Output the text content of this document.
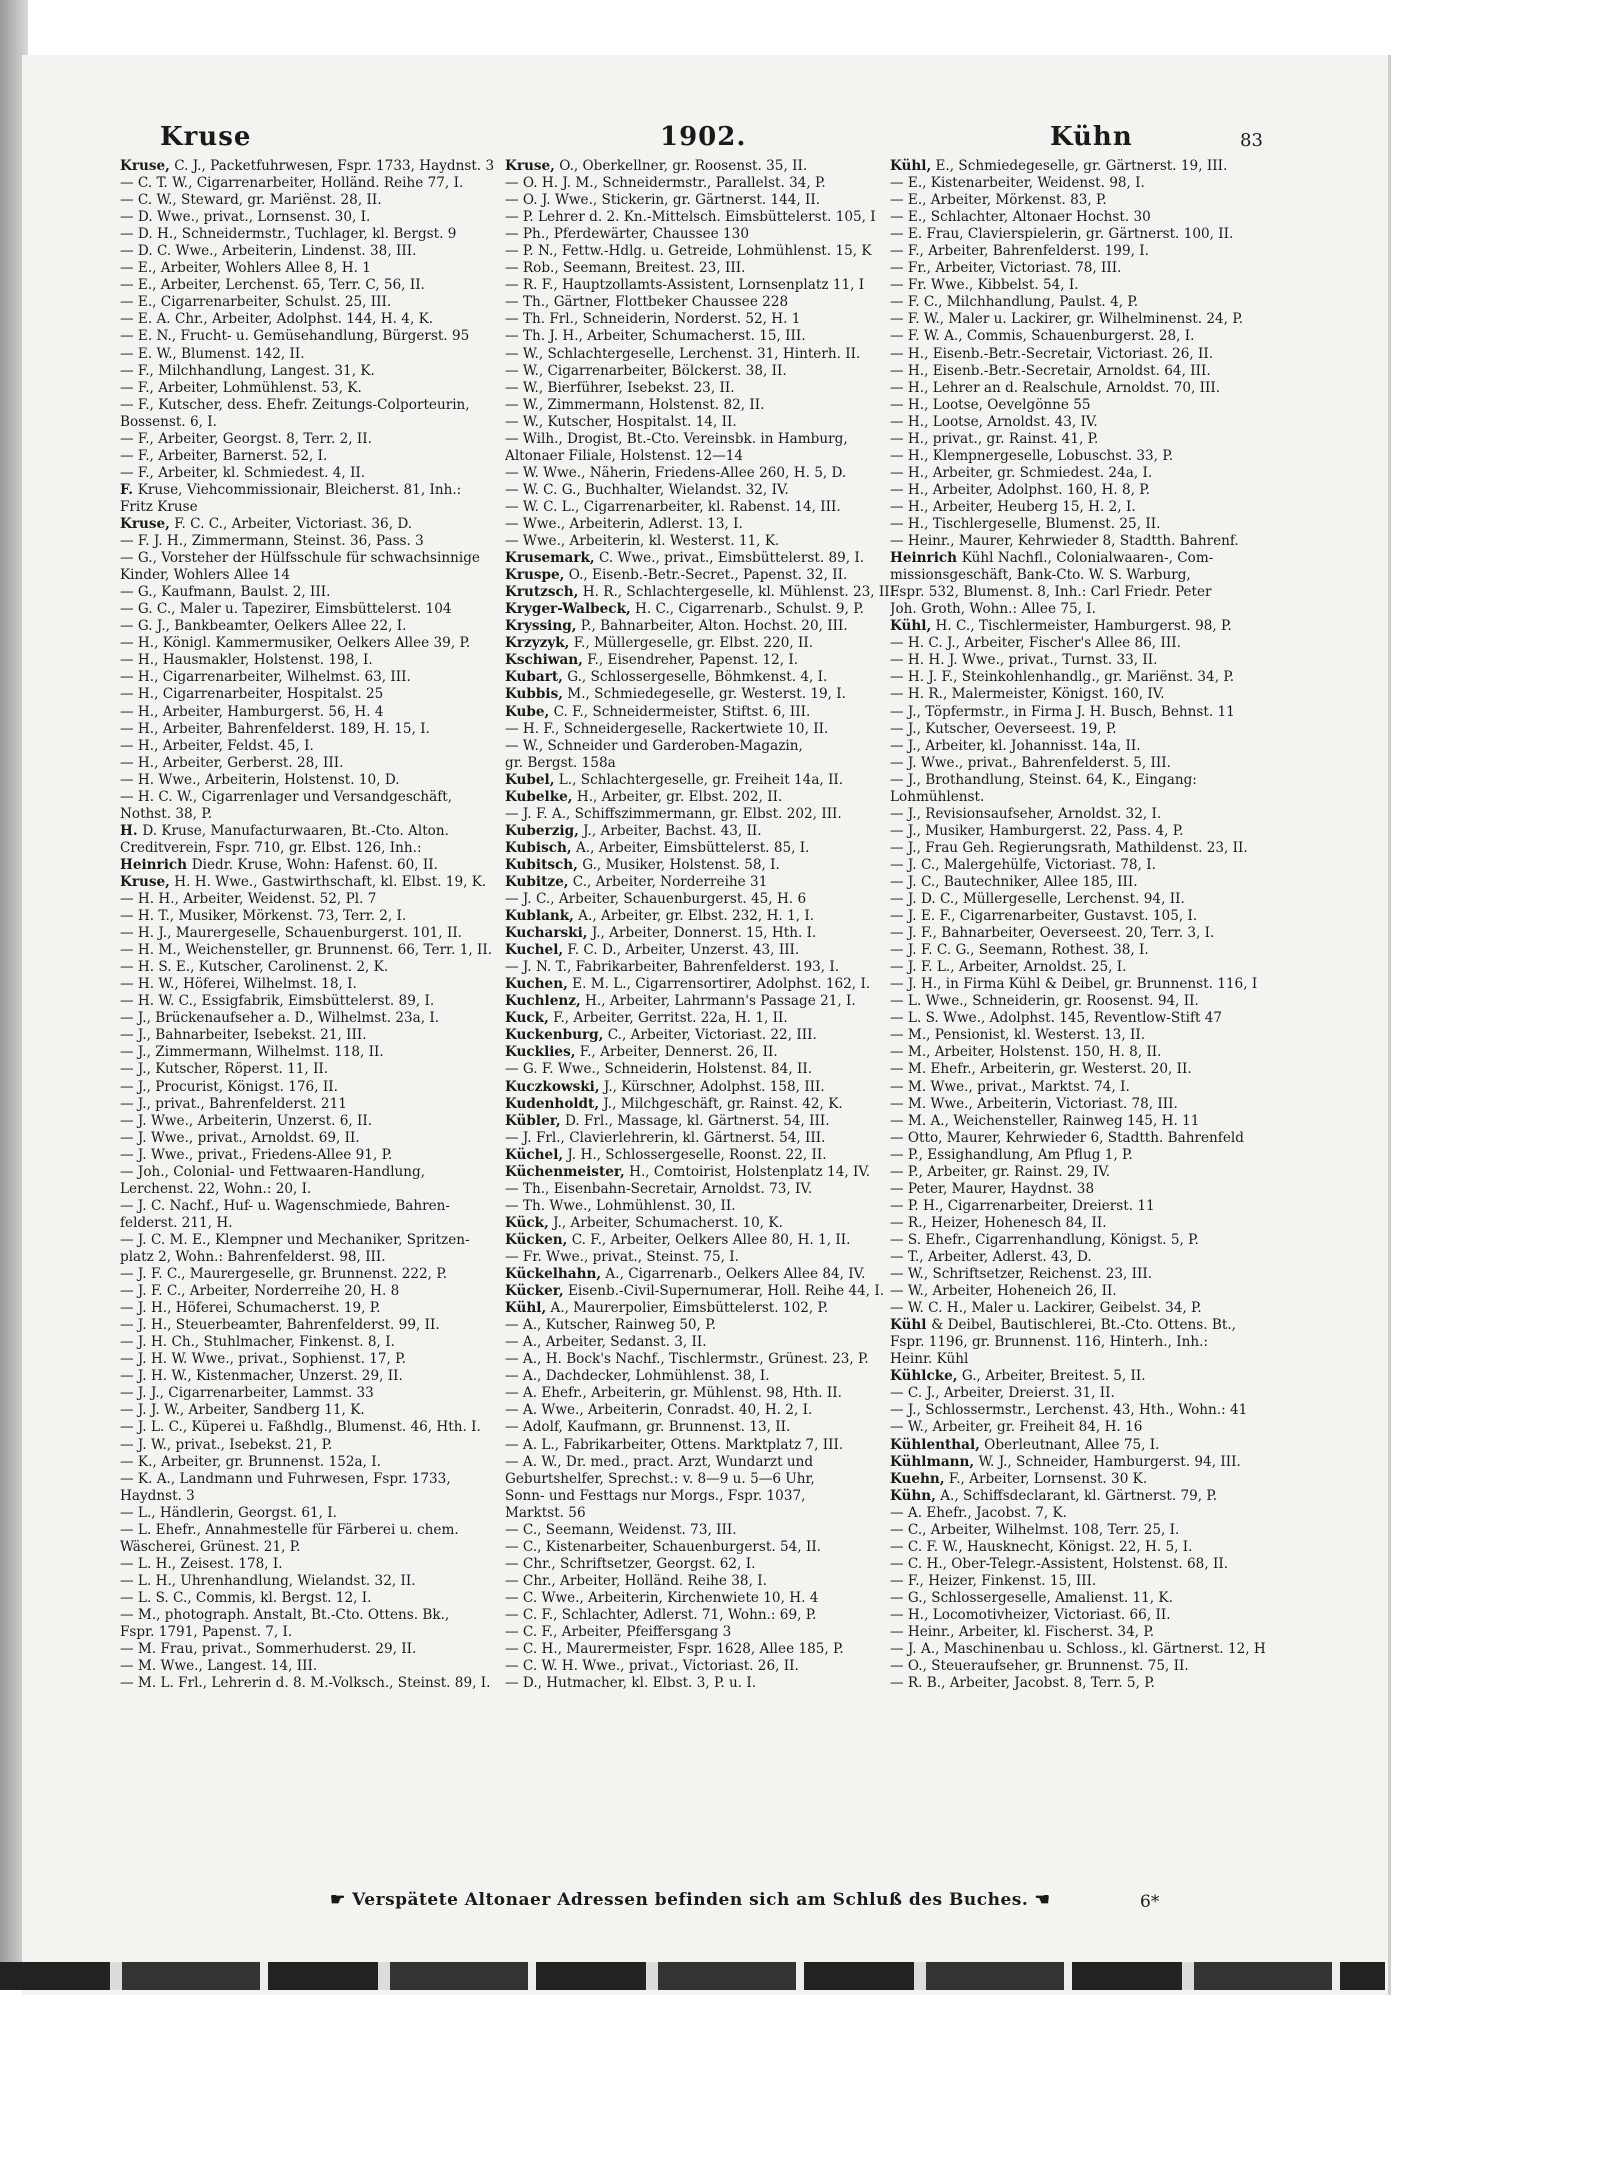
Kruse	1902.	Kühn	83
Kruse, C. J., Packetfuhrwesen, Fspr. 1733, Haydnst. 3
— C. T. W., Cigarrenarbeiter, Holländ. Reihe 77, I.
— C. W., Steward, gr. Mariënst. 28, II.
— D. Wwe., privat., Lornsenst. 30, I.
— D. H., Schneidermstr., Tuchlager, kl. Bergst. 9
— D. C. Wwe., Arbeiterin, Lindenst. 38, III.
— E., Arbeiter, Wohlers Allee 8, H. 1
— E., Arbeiter, Lerchenst. 65, Terr. C, 56, II.
— E., Cigarrenarbeiter, Schulst. 25, III.
— E. A. Chr., Arbeiter, Adolphst. 144, H. 4, K.
— E. N., Frucht- u. Gemüsehandlung, Bürgerst. 95
— E. W., Blumenst. 142, II.
— F., Milchhandlung, Langest. 31, K.
— F., Arbeiter, Lohmühlenst. 53, K.
— F., Kutscher, dess. Ehefr. Zeitungs-Colporteurin,
Bossenst. 6, I.
— F., Arbeiter, Georgst. 8, Terr. 2, II.
— F., Arbeiter, Barnerst. 52, I.
— F., Arbeiter, kl. Schmiedest. 4, II.
F. Kruse, Viehcommissionair, Bleicherst. 81, Inh.:
Fritz Kruse
Kruse, F. C. C., Arbeiter, Victoriast. 36, D.
— F. J. H., Zimmermann, Steinst. 36, Pass. 3
— G., Vorsteher der Hülfsschule für schwachsinnige
Kinder, Wohlers Allee 14
— G., Kaufmann, Baulst. 2, III.
— G. C., Maler u. Tapezirer, Eimsbüttelerst. 104
— G. J., Bankbeamter, Oelkers Allee 22, I.
— H., Königl. Kammermusiker, Oelkers Allee 39, P.
— H., Hausmakler, Holstenst. 198, I.
— H., Cigarrenarbeiter, Wilhelmst. 63, III.
— H., Cigarrenarbeiter, Hospitalst. 25
— H., Arbeiter, Hamburgerst. 56, H. 4
— H., Arbeiter, Bahrenfelderst. 189, H. 15, I.
— H., Arbeiter, Feldst. 45, I.
— H., Arbeiter, Gerberst. 28, III.
— H. Wwe., Arbeiterin, Holstenst. 10, D.
— H. C. W., Cigarrenlager und Versandgeschäft,
Nothst. 38, P.
H. D. Kruse, Manufacturwaaren, Bt.-Cto. Alton.
Creditverein, Fspr. 710, gr. Elbst. 126, Inh.:
Heinrich Diedr. Kruse, Wohn: Hafenst. 60, II.
Kruse, H. H. Wwe., Gastwirthschaft, kl. Elbst. 19, K.
— H. H., Arbeiter, Weidenst. 52, Pl. 7
— H. T., Musiker, Mörkenst. 73, Terr. 2, I.
— H. J., Maurergeselle, Schauenburgerst. 101, II.
— H. M., Weichensteller, gr. Brunnenst. 66, Terr. 1, II.
— H. S. E., Kutscher, Carolinenst. 2, K.
— H. W., Höferei, Wilhelmst. 18, I.
— H. W. C., Essigfabrik, Eimsbüttelerst. 89, I.
— J., Brückenaufseher a. D., Wilhelmst. 23a, I.
— J., Bahnarbeiter, Isebekst. 21, III.
— J., Zimmermann, Wilhelmst. 118, II.
— J., Kutscher, Röperst. 11, II.
— J., Procurist, Königst. 176, II.
— J., privat., Bahrenfelderst. 211
— J. Wwe., Arbeiterin, Unzerst. 6, II.
— J. Wwe., privat., Arnoldst. 69, II.
— J. Wwe., privat., Friedens-Allee 91, P.
— Joh., Colonial- und Fettwaaren-Handlung,
Lerchenst. 22, Wohn.: 20, I.
— J. C. Nachf., Huf- u. Wagenschmiede, Bahren-
felderst. 211, H.
— J. C. M. E., Klempner und Mechaniker, Spritzen-
platz 2, Wohn.: Bahrenfelderst. 98, III.
— J. F. C., Maurergeselle, gr. Brunnenst. 222, P.
— J. F. C., Arbeiter, Norderreihe 20, H. 8
— J. H., Höferei, Schumacherst. 19, P.
— J. H., Steuerbeamter, Bahrenfelderst. 99, II.
— J. H. Ch., Stuhlmacher, Finkenst. 8, I.
— J. H. W. Wwe., privat., Sophienst. 17, P.
— J. H. W., Kistenmacher, Unzerst. 29, II.
— J. J., Cigarrenarbeiter, Lammst. 33
— J. J. W., Arbeiter, Sandberg 11, K.
— J. L. C., Küperei u. Faßhdlg., Blumenst. 46, Hth. I.
— J. W., privat., Isebekst. 21, P.
— K., Arbeiter, gr. Brunnenst. 152a, I.
— K. A., Landmann und Fuhrwesen, Fspr. 1733,
Haydnst. 3
— L., Händlerin, Georgst. 61, I.
— L. Ehefr., Annahmestelle für Färberei u. chem.
Wäscherei, Grünest. 21, P.
— L. H., Zeisest. 178, I.
— L. H., Uhrenhandlung, Wielandst. 32, II.
— L. S. C., Commis, kl. Bergst. 12, I.
— M., photograph. Anstalt, Bt.-Cto. Ottens. Bk.,
Fspr. 1791, Papenst. 7, I.
— M. Frau, privat., Sommerhuderst. 29, II.
— M. Wwe., Langest. 14, III.
— M. L. Frl., Lehrerin d. 8. M.-Volksch., Steinst. 89, I.
Kruse, O., Oberkellner, gr. Roosenst. 35, II.
— O. H. J. M., Schneidermstr., Parallelst. 34, P.
— O. J. Wwe., Stickerin, gr. Gärtnerst. 144, II.
— P. Lehrer d. 2. Kn.-Mittelsch. Eimsbüttelerst. 105, I
— Ph., Pferdewärter, Chaussee 130
— P. N., Fettw.-Hdlg. u. Getreide, Lohmühlenst. 15, K
— Rob., Seemann, Breitest. 23, III.
— R. F., Hauptzollamts-Assistent, Lornsenplatz 11, I
— Th., Gärtner, Flottbeker Chaussee 228
— Th. Frl., Schneiderin, Norderst. 52, H. 1
— Th. J. H., Arbeiter, Schumacherst. 15, III.
— W., Schlachtergeselle, Lerchenst. 31, Hinterh. II.
— W., Cigarrenarbeiter, Bölckerst. 38, II.
— W., Bierführer, Isebekst. 23, II.
— W., Zimmermann, Holstenst. 82, II.
— W., Kutscher, Hospitalst. 14, II.
— Wilh., Drogist, Bt.-Cto. Vereinsbk. in Hamburg,
Altonaer Filiale, Holstenst. 12—14
— W. Wwe., Näherin, Friedens-Allee 260, H. 5, D.
— W. C. G., Buchhalter, Wielandst. 32, IV.
— W. C. L., Cigarrenarbeiter, kl. Rabenst. 14, III.
— Wwe., Arbeiterin, Adlerst. 13, I.
— Wwe., Arbeiterin, kl. Westerst. 11, K.
Krusemark, C. Wwe., privat., Eimsbüttelerst. 89, I.
Kruspe, O., Eisenb.-Betr.-Secret., Papenst. 32, II.
Krutzsch, H. R., Schlachtergeselle, kl. Mühlenst. 23, III.
Kryger-Walbeck, H. C., Cigarrenarb., Schulst. 9, P.
Kryssing, P., Bahnarbeiter, Alton. Hochst. 20, III.
Krzyzyk, F., Müllergeselle, gr. Elbst. 220, II.
Kschiwan, F., Eisendreher, Papenst. 12, I.
Kubart, G., Schlossergeselle, Böhmkenst. 4, I.
Kubbis, M., Schmiedegeselle, gr. Westerst. 19, I.
Kube, C. F., Schneidermeister, Stiftst. 6, III.
— H. F., Schneidergeselle, Rackertwiete 10, II.
— W., Schneider und Garderoben-Magazin,
gr. Bergst. 158a
Kubel, L., Schlachtergeselle, gr. Freiheit 14a, II.
Kubelke, H., Arbeiter, gr. Elbst. 202, II.
— J. F. A., Schiffszimmermann, gr. Elbst. 202, III.
Kuberzig, J., Arbeiter, Bachst. 43, II.
Kubisch, A., Arbeiter, Eimsbüttelerst. 85, I.
Kubitsch, G., Musiker, Holstenst. 58, I.
Kubitze, C., Arbeiter, Norderreihe 31
— J. C., Arbeiter, Schauenburgerst. 45, H. 6
Kublank, A., Arbeiter, gr. Elbst. 232, H. 1, I.
Kucharski, J., Arbeiter, Donnerst. 15, Hth. I.
Kuchel, F. C. D., Arbeiter, Unzerst. 43, III.
— J. N. T., Fabrikarbeiter, Bahrenfelderst. 193, I.
Kuchen, E. M. L., Cigarrensortirer, Adolphst. 162, I.
Kuchlenz, H., Arbeiter, Lahrmann's Passage 21, I.
Kuck, F., Arbeiter, Gerritst. 22a, H. 1, II.
Kuckenburg, C., Arbeiter, Victoriast. 22, III.
Kucklies, F., Arbeiter, Dennerst. 26, II.
— G. F. Wwe., Schneiderin, Holstenst. 84, II.
Kuczkowski, J., Kürschner, Adolphst. 158, III.
Kudenholdt, J., Milchgeschäft, gr. Rainst. 42, K.
Kübler, D. Frl., Massage, kl. Gärtnerst. 54, III.
— J. Frl., Clavierlehrerin, kl. Gärtnerst. 54, III.
Küchel, J. H., Schlossergeselle, Roonst. 22, II.
Küchenmeister, H., Comtoirist, Holstenplatz 14, IV.
— Th., Eisenbahn-Secretair, Arnoldst. 73, IV.
— Th. Wwe., Lohmühlenst. 30, II.
Kück, J., Arbeiter, Schumacherst. 10, K.
Kücken, C. F., Arbeiter, Oelkers Allee 80, H. 1, II.
— Fr. Wwe., privat., Steinst. 75, I.
Kückelhahn, A., Cigarrenarb., Oelkers Allee 84, IV.
Kücker, Eisenb.-Civil-Supernumerar, Holl. Reihe 44, I.
Kühl, A., Maurerpolier, Eimsbüttelerst. 102, P.
— A., Kutscher, Rainweg 50, P.
— A., Arbeiter, Sedanst. 3, II.
— A., H. Bock's Nachf., Tischlermstr., Grünest. 23, P.
— A., Dachdecker, Lohmühlenst. 38, I.
— A. Ehefr., Arbeiterin, gr. Mühlenst. 98, Hth. II.
— A. Wwe., Arbeiterin, Conradst. 40, H. 2, I.
— Adolf, Kaufmann, gr. Brunnenst. 13, II.
— A. L., Fabrikarbeiter, Ottens. Marktplatz 7, III.
— A. W., Dr. med., pract. Arzt, Wundarzt und
Geburtshelfer, Sprechst.: v. 8—9 u. 5—6 Uhr,
Sonn- und Festtags nur Morgs., Fspr. 1037,
Marktst. 56
— C., Seemann, Weidenst. 73, III.
— C., Kistenarbeiter, Schauenburgerst. 54, II.
— Chr., Schriftsetzer, Georgst. 62, I.
— Chr., Arbeiter, Holländ. Reihe 38, I.
— C. Wwe., Arbeiterin, Kirchenwiete 10, H. 4
— C. F., Schlachter, Adlerst. 71, Wohn.: 69, P.
— C. F., Arbeiter, Pfeiffersgang 3
— C. H., Maurermeister, Fspr. 1628, Allee 185, P.
— C. W. H. Wwe., privat., Victoriast. 26, II.
— D., Hutmacher, kl. Elbst. 3, P. u. I.
Kühl, E., Schmiedegeselle, gr. Gärtnerst. 19, III.
— E., Kistenarbeiter, Weidenst. 98, I.
— E., Arbeiter, Mörkenst. 83, P.
— E., Schlachter, Altonaer Hochst. 30
— E. Frau, Clavierspielerin, gr. Gärtnerst. 100, II.
— F., Arbeiter, Bahrenfelderst. 199, I.
— Fr., Arbeiter, Victoriast. 78, III.
— Fr. Wwe., Kibbelst. 54, I.
— F. C., Milchhandlung, Paulst. 4, P.
— F. W., Maler u. Lackirer, gr. Wilhelminenst. 24, P.
— F. W. A., Commis, Schauenburgerst. 28, I.
— H., Eisenb.-Betr.-Secretair, Victoriast. 26, II.
— H., Eisenb.-Betr.-Secretair, Arnoldst. 64, III.
— H., Lehrer an d. Realschule, Arnoldst. 70, III.
— H., Lootse, Oevelgönne 55
— H., Lootse, Arnoldst. 43, IV.
— H., privat., gr. Rainst. 41, P.
— H., Klempnergeselle, Lobuschst. 33, P.
— H., Arbeiter, gr. Schmiedest. 24a, I.
— H., Arbeiter, Adolphst. 160, H. 8, P.
— H., Arbeiter, Heuberg 15, H. 2, I.
— H., Tischlergeselle, Blumenst. 25, II.
— Heinr., Maurer, Kehrwieder 8, Stadtth. Bahrenf.
Heinrich Kühl Nachfl., Colonialwaaren-, Com-
missionsgeschäft, Bank-Cto. W. S. Warburg,
Fspr. 532, Blumenst. 8, Inh.: Carl Friedr. Peter
Joh. Groth, Wohn.: Allee 75, I.
Kühl, H. C., Tischlermeister, Hamburgerst. 98, P.
— H. C. J., Arbeiter, Fischer's Allee 86, III.
— H. H. J. Wwe., privat., Turnst. 33, II.
— H. J. F., Steinkohlenhandlg., gr. Mariënst. 34, P.
— H. R., Malermeister, Königst. 160, IV.
— J., Töpfermstr., in Firma J. H. Busch, Behnst. 11
— J., Kutscher, Oeverseest. 19, P.
— J., Arbeiter, kl. Johannisst. 14a, II.
— J. Wwe., privat., Bahrenfelderst. 5, III.
— J., Brothandlung, Steinst. 64, K., Eingang:
Lohmühlenst.
— J., Revisionsaufseher, Arnoldst. 32, I.
— J., Musiker, Hamburgerst. 22, Pass. 4, P.
— J., Frau Geh. Regierungsrath, Mathildenst. 23, II.
— J. C., Malergehülfe, Victoriast. 78, I.
— J. C., Bautechniker, Allee 185, III.
— J. D. C., Müllergeselle, Lerchenst. 94, II.
— J. E. F., Cigarrenarbeiter, Gustavst. 105, I.
— J. F., Bahnarbeiter, Oeverseest. 20, Terr. 3, I.
— J. F. C. G., Seemann, Rothest. 38, I.
— J. F. L., Arbeiter, Arnoldst. 25, I.
— J. H., in Firma Kühl & Deibel, gr. Brunnenst. 116, I
— L. Wwe., Schneiderin, gr. Roosenst. 94, II.
— L. S. Wwe., Adolphst. 145, Reventlow-Stift 47
— M., Pensionist, kl. Westerst. 13, II.
— M., Arbeiter, Holstenst. 150, H. 8, II.
— M. Ehefr., Arbeiterin, gr. Westerst. 20, II.
— M. Wwe., privat., Marktst. 74, I.
— M. Wwe., Arbeiterin, Victoriast. 78, III.
— M. A., Weichensteller, Rainweg 145, H. 11
— Otto, Maurer, Kehrwieder 6, Stadtth. Bahrenfeld
— P., Essighandlung, Am Pflug 1, P.
— P., Arbeiter, gr. Rainst. 29, IV.
— Peter, Maurer, Haydnst. 38
— P. H., Cigarrenarbeiter, Dreierst. 11
— R., Heizer, Hohenesch 84, II.
— S. Ehefr., Cigarrenhandlung, Königst. 5, P.
— T., Arbeiter, Adlerst. 43, D.
— W., Schriftsetzer, Reichenst. 23, III.
— W., Arbeiter, Hoheneich 26, II.
— W. C. H., Maler u. Lackirer, Geibelst. 34, P.
Kühl & Deibel, Bautischlerei, Bt.-Cto. Ottens. Bt.,
Fspr. 1196, gr. Brunnenst. 116, Hinterh., Inh.:
Heinr. Kühl
Kühlcke, G., Arbeiter, Breitest. 5, II.
— C. J., Arbeiter, Dreierst. 31, II.
— J., Schlossermstr., Lerchenst. 43, Hth., Wohn.: 41
— W., Arbeiter, gr. Freiheit 84, H. 16
Kühlenthal, Oberleutnant, Allee 75, I.
Kühlmann, W. J., Schneider, Hamburgerst. 94, III.
Kuehn, F., Arbeiter, Lornsenst. 30 K.
Kühn, A., Schiffsdeclarant, kl. Gärtnerst. 79, P.
— A. Ehefr., Jacobst. 7, K.
— C., Arbeiter, Wilhelmst. 108, Terr. 25, I.
— C. F. W., Hausknecht, Königst. 22, H. 5, I.
— C. H., Ober-Telegr.-Assistent, Holstenst. 68, II.
— F., Heizer, Finkenst. 15, III.
— G., Schlossergeselle, Amalienst. 11, K.
— H., Locomotivheizer, Victoriast. 66, II.
— Heinr., Arbeiter, kl. Fischerst. 34, P.
— J. A., Maschinenbau u. Schloss., kl. Gärtnerst. 12, H
— O., Steueraufseher, gr. Brunnenst. 75, II.
— R. B., Arbeiter, Jacobst. 8, Terr. 5, P.
☛ Verspätete Altonaer Adressen befinden sich am Schluß des Buches. ☚	6*
